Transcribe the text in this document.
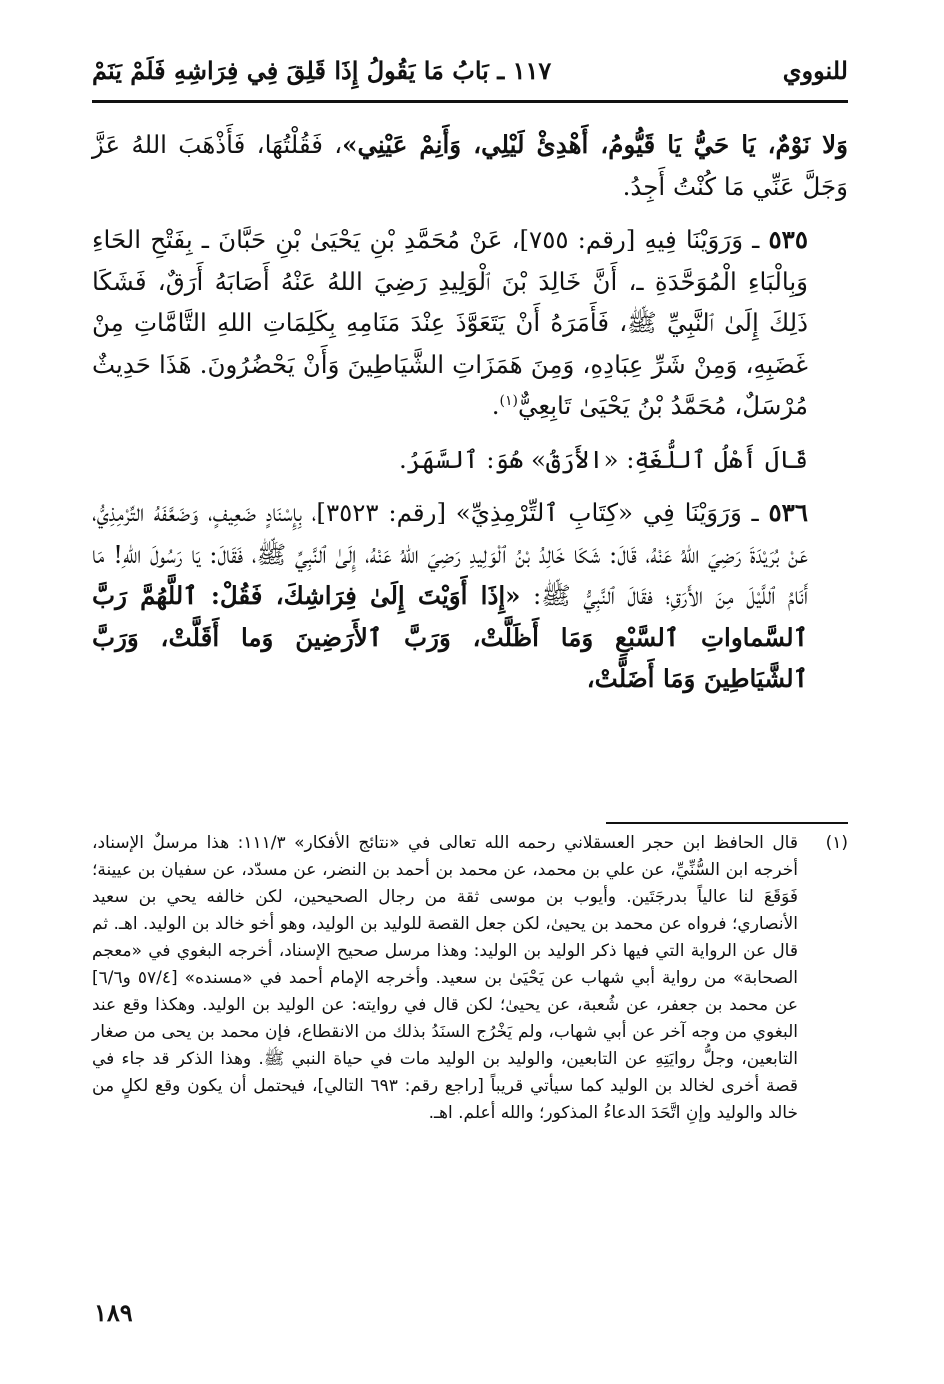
للنووي
١١٧ ـ بَابُ مَا يَقُولُ إِذَا قَلِقَ فِي فِرَاشِهِ فَلَمْ يَنَمْ

وَلا نَوْمٌ، يَا حَيُّ يَا قَيُّومُ، أَهْدِئْ لَيْلِي، وَأَنِمْ عَيْنِي»، فَقُلْتُهَا، فَأَذْهَبَ اللهُ عَزَّ وَجَلَّ عَنِّي مَا كُنْتُ أَجِدُ.

٥٣٥ ـ وَرَوَيْنَا فِيهِ [رقم: ٧٥٥]، عَنْ مُحَمَّدِ بْنِ يَحْيَىٰ بْنِ حَبَّانَ ـ بِفَتْحِ الحَاءِ وَبِالْبَاءِ الْمُوَحَّدَةِ ـ، أَنَّ خَالِدَ بْنَ ٱلْوَلِيدِ رَضِيَ اللهُ عَنْهُ أَصَابَهُ أَرَقٌ، فَشَكَا ذَلِكَ إِلَىٰ ٱلنَّبِيِّ ﷺ، فَأَمَرَهُ أَنْ يَتَعَوَّذَ عِنْدَ مَنَامِهِ بِكَلِمَاتِ اللهِ التَّامَّاتِ مِنْ غَضَبِهِ، وَمِنْ شَرِّ عِبَادِهِ، وَمِنَ هَمَزَاتِ الشَّيَاطِينَ وَأَنْ يَحْضُرُونَ. هَذَا حَدِيثٌ مُرْسَلٌ، مُحَمَّدُ بْنُ يَحْيَىٰ تَابِعِيٌّ$^{(١)}$.

قَالَ أَهْلُ ٱللُّغَةِ: «الأَرَقُ» هُوَ: ٱلسَّهَرُ.

٥٣٦ ـ وَرَوَيْنَا فِي «كِتَابِ ٱلتِّرْمِذِيِّ» [رقم: ٣٥٢٣]، بِإِسْنَادٍ ضَعِيفٍ، وَضَعَّفَهُ التِّرْمِذِيُّ، عَنْ بُرَيْدَةَ رَضِيَ اللهُ عَنْهُ، قَالَ: شَكَا خَالِدُ بْنُ ٱلْوَلِيدِ رَضِيَ اللهُ عَنْهُ، إِلَىٰ ٱلنَّبِيِّ ﷺ، فَقَالَ: يَا رَسُولَ اللهِ! مَا أَنَامُ ٱللَّيْلَ مِنَ الأَرَقِ؛ فقَالَ ٱلنَّبِيُّ ﷺ: «إِذَا أَوَيْتَ إِلَىٰ فِرَاشِكَ، فَقُلْ: ٱللَّهُمَّ رَبَّ ٱلسَّماواتِ ٱلسَّبْعِ وَمَا أَظَلَّتْ، وَرَبَّ ٱلأَرَضِينَ وَما أَقَلَّتْ، وَرَبَّ ٱلشَّيَاطِينَ وَمَا أَضَلَّتْ،

(١)
قال الحافظ ابن حجر العسقلاني رحمه الله تعالى في «نتائج الأفكار» ١١١/٣: هذا مرسلٌ الإسناد، أخرجه ابن السُّنِّيِّ، عن علي بن محمد، عن محمد بن أحمد بن النضر، عن مسدّد، عن سفيان بن عيينة؛ فَوَقَعَ لنا عالياً بدرجَتَين. وأيوب بن موسى ثقة من رجال الصحيحين، لكن خالفه يحي بن سعيد الأنصاري؛ فرواه عن محمد بن يحيىٰ، لكن جعل القصة للوليد بن الوليد، وهو أخو خالد بن الوليد. اهـ. ثم قال عن الرواية التي فيها ذكر الوليد بن الوليد: وهذا مرسل صحيح الإسناد، أخرجه البغوي في «معجم الصحابة» من رواية أبي شهاب عن يَحْيَىٰ بن سعيد. وأخرجه الإمام أحمد في «مسنده» [٥٧/٤ و٦/٦] عن محمد بن جعفر، عن شُعبة، عن يحيىٰ؛ لكن قال في روايته: عن الوليد بن الوليد. وهكذا وقع عند البغوي من وجه آخر عن أبي شهاب، ولم يَخْرُج السنَدُ بذلك من الانقطاع، فإن محمد بن يحى من صغار التابعين، وجلُّ روايَتِهِ عن التابعين، والوليد بن الوليد مات في حياة النبي ﷺ. وهذا الذكر قد جاء في قصة أخرى لخالد بن الوليد كما سيأتي قريباً [راجع رقم: ٦٩٣ التالي]، فيحتمل أن يكون وقع لكلٍ من خالد والوليد وإنِ اتَّحَدَ الدعاءُ المذكور؛ والله أعلم. اهـ.
١٨٩
